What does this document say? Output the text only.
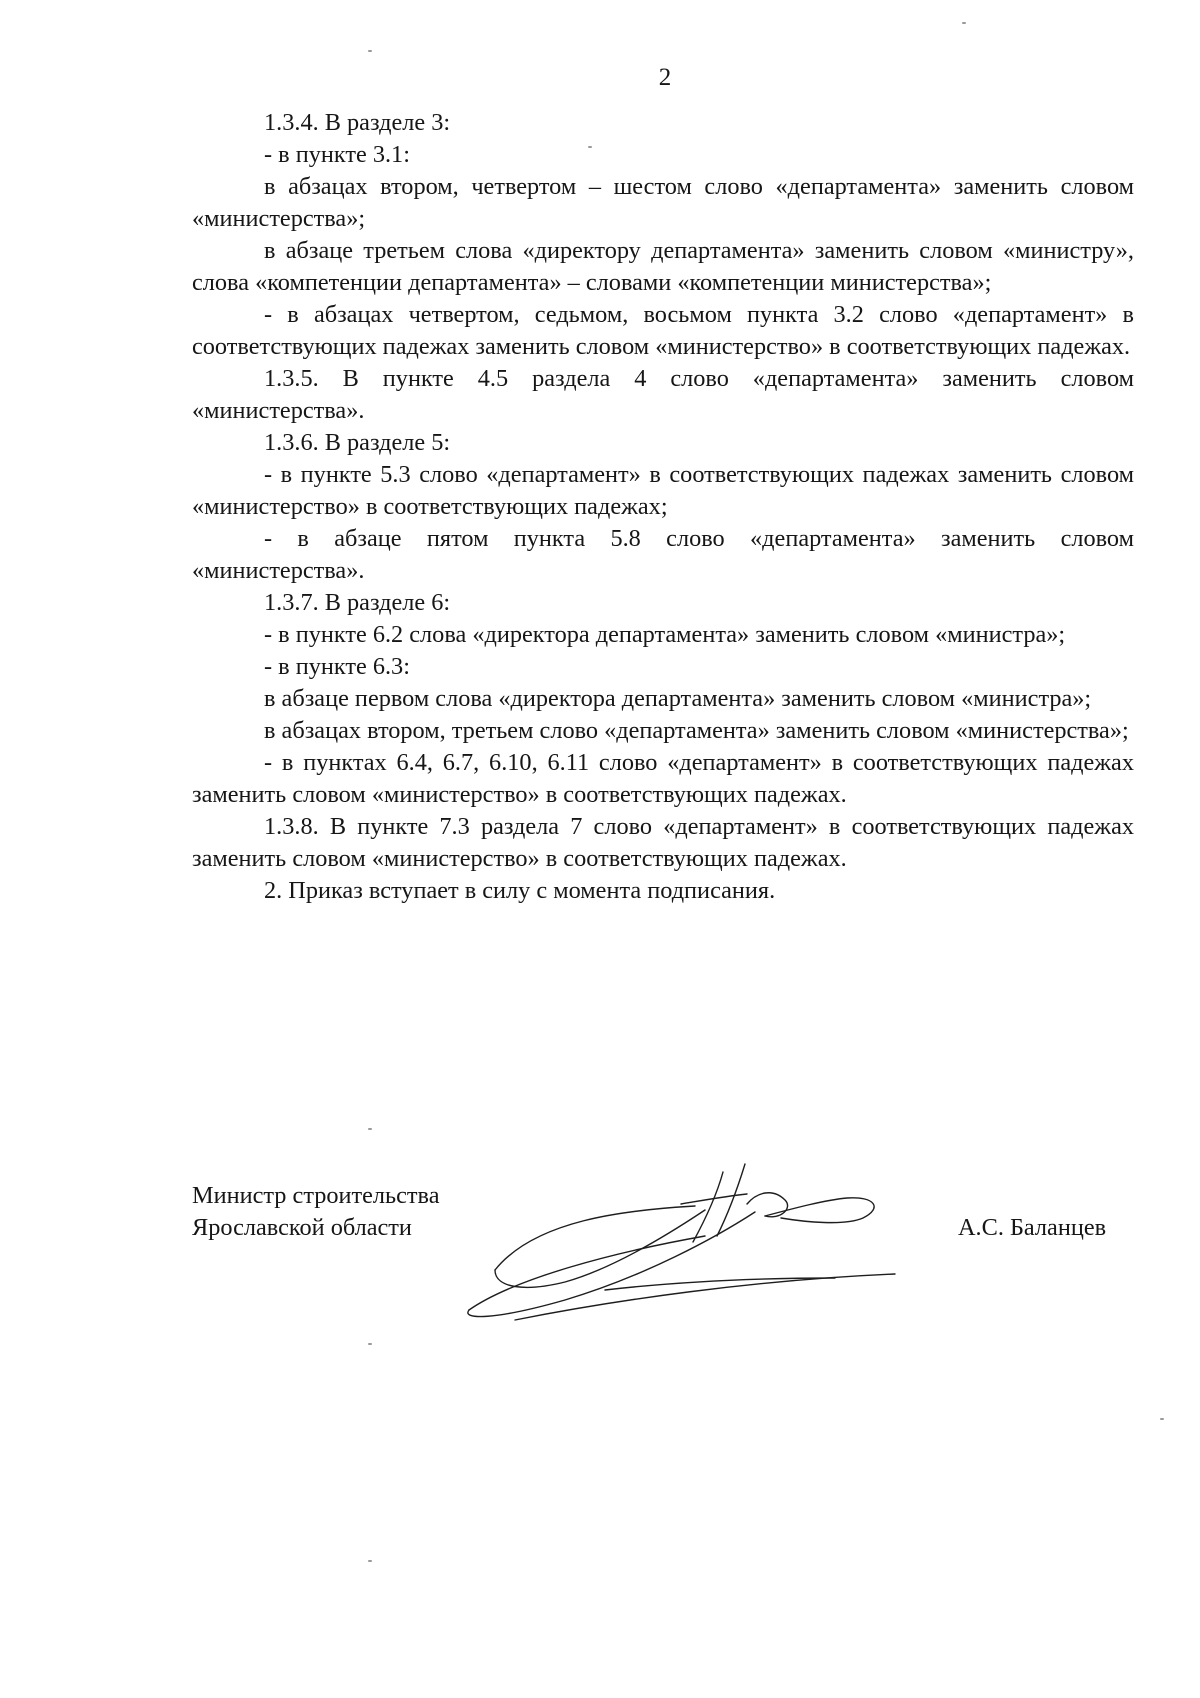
2

1.3.4. В разделе 3:

- в пункте 3.1:

в абзацах втором, четвертом – шестом слово «департамента» заменить словом «министерства»;

в абзаце третьем слова «директору департамента» заменить словом «министру», слова «компетенции департамента» – словами «компетенции министерства»;

- в абзацах четвертом, седьмом, восьмом пункта 3.2 слово «департамент» в соответствующих падежах заменить словом «министерство» в соответствующих падежах.

1.3.5. В пункте 4.5 раздела 4 слово «департамента» заменить словом «министерства».

1.3.6. В разделе 5:

- в пункте 5.3 слово «департамент» в соответствующих падежах заменить словом «министерство» в соответствующих падежах;

- в абзаце пятом пункта 5.8 слово «департамента» заменить словом «министерства».

1.3.7. В разделе 6:

- в пункте 6.2 слова «директора департамента» заменить словом «министра»;

- в пункте 6.3:

в абзаце первом слова «директора департамента» заменить словом «министра»;

в абзацах втором, третьем слово «департамента» заменить словом «министерства»;

- в пунктах 6.4, 6.7, 6.10, 6.11 слово «департамент» в соответствующих падежах заменить словом «министерство» в соответствующих падежах.

1.3.8. В пункте 7.3 раздела 7 слово «департамент» в соответствующих падежах заменить словом «министерство» в соответствующих падежах.

2. Приказ вступает в силу с момента подписания.

Министр строительства
Ярославской области	А.С. Баланцев
